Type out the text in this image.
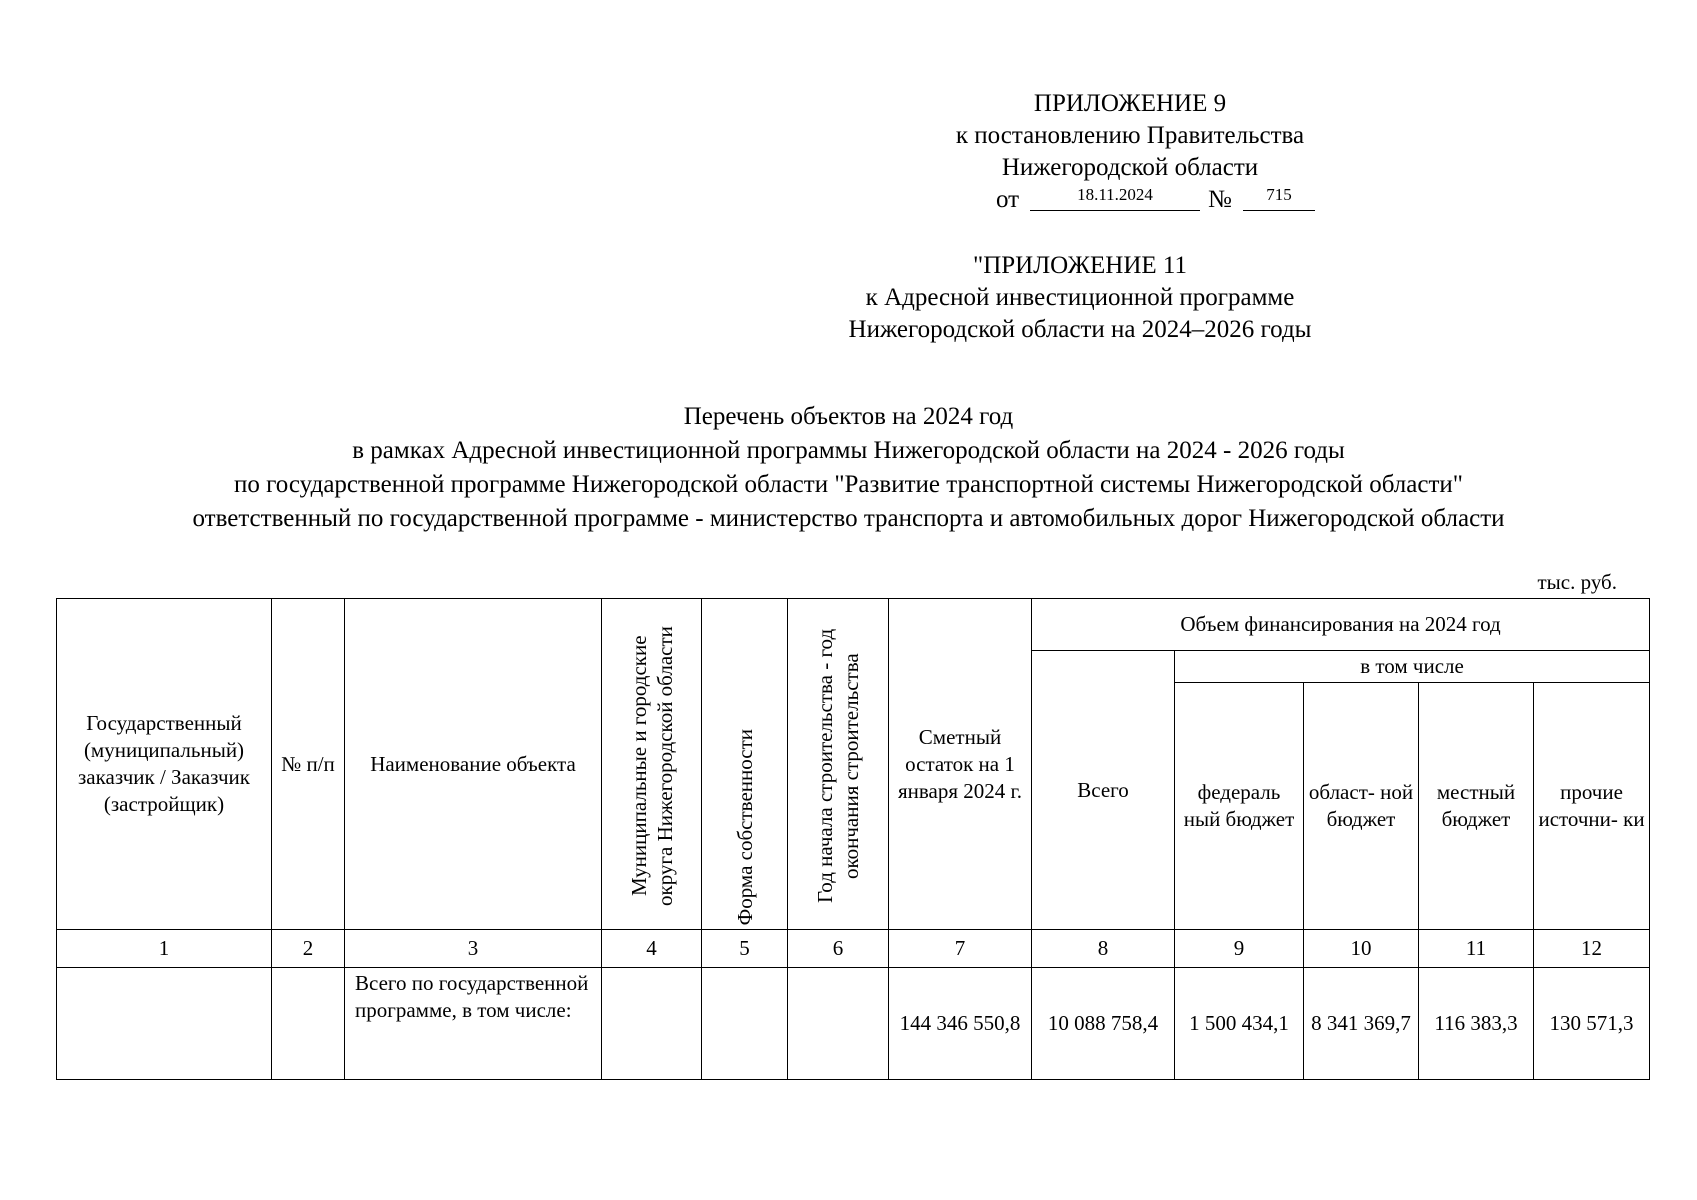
ПРИЛОЖЕНИЕ 9
к постановлению Правительства
Нижегородской области
от	18.11.2024	№	715
"ПРИЛОЖЕНИЕ 11
к Адресной инвестиционной программе
Нижегородской области на 2024–2026 годы
Перечень объектов на 2024 год
в рамках Адресной инвестиционной программы Нижегородской области на 2024 - 2026 годы
по государственной программе Нижегородской области "Развитие транспортной системы Нижегородской области"
ответственный по государственной программе - министерство транспорта и автомобильных дорог Нижегородской области
тыс. руб.
Государственный (муниципальный) заказчик / Заказчик (застройщик)	№ п/п	Наименование объекта	Муниципальные и городские округа Нижегородской области	Форма собственности	Год начала строительства - год окончания строительства	Сметный остаток на 1 января 2024 г.	Объем финансирования на 2024 год				
							Всего	в том числе			
								федераль ный бюджет	област- ной бюджет	местный бюджет	прочие источни- ки
1	2	3	4	5	6	7	8	9	10	11	12
		Всего по государственной программе, в том числе:				144 346 550,8	10 088 758,4	1 500 434,1	8 341 369,7	116 383,3	130 571,3
